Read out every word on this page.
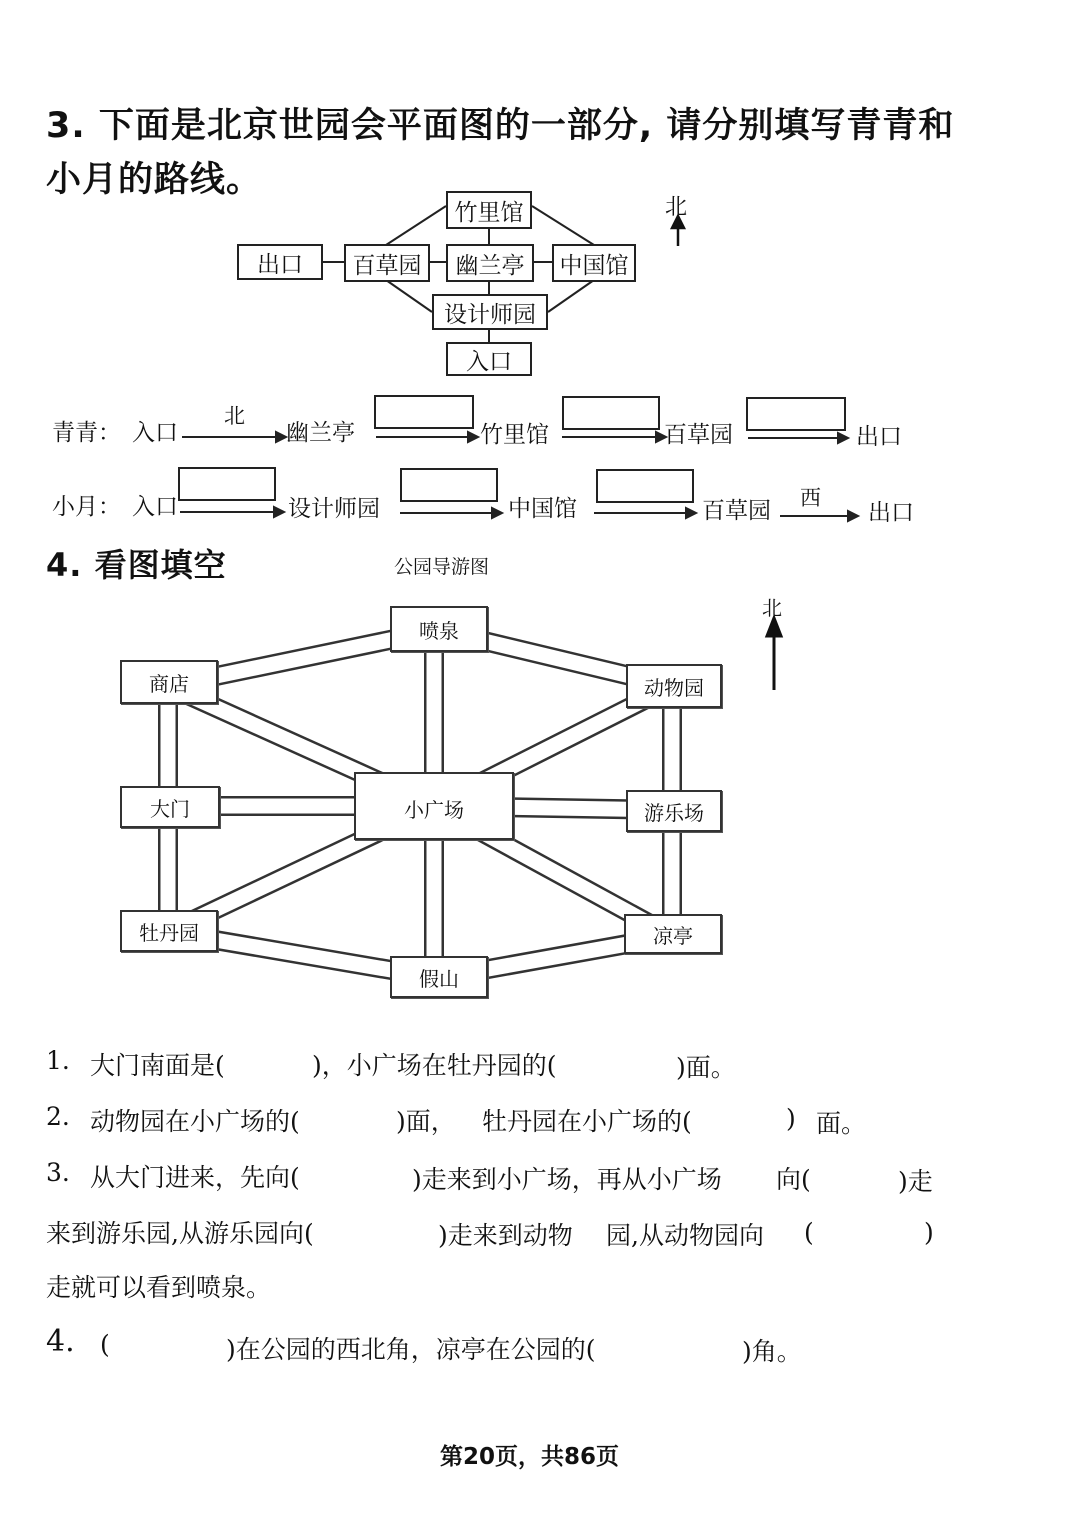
3. 下面是北京世园会平面图的一部分, 请分别填写青青和
小月的路线。
竹里馆
出口	百草园	幽兰亭	中国馆
设计师园
入口
北
青青： 入口
北
幽兰亭	竹里馆	百草园	出口
小月： 入口	设计师园	中国馆	百草园 西
出口
4. 看图填空	公园导游图
喷泉
商店	动物园
大门	小广场	游乐场
牡丹园	凉亭
假山
北
1. 大门南面是(	)，小广场在牡丹园的(	)面。
2. 动物园在小广场的(	)面， 牡丹园在小广场的(	) 面。
3. 从大门进来，先向(	)走来到小广场，再从小广场 向(	)走
来到游乐园,从游乐园向(	)走来到动物 园,从动物园向 (	)
走就可以看到喷泉。
4. (	)在公园的西北角，凉亭在公园的(	)角。
第20页，共86页
